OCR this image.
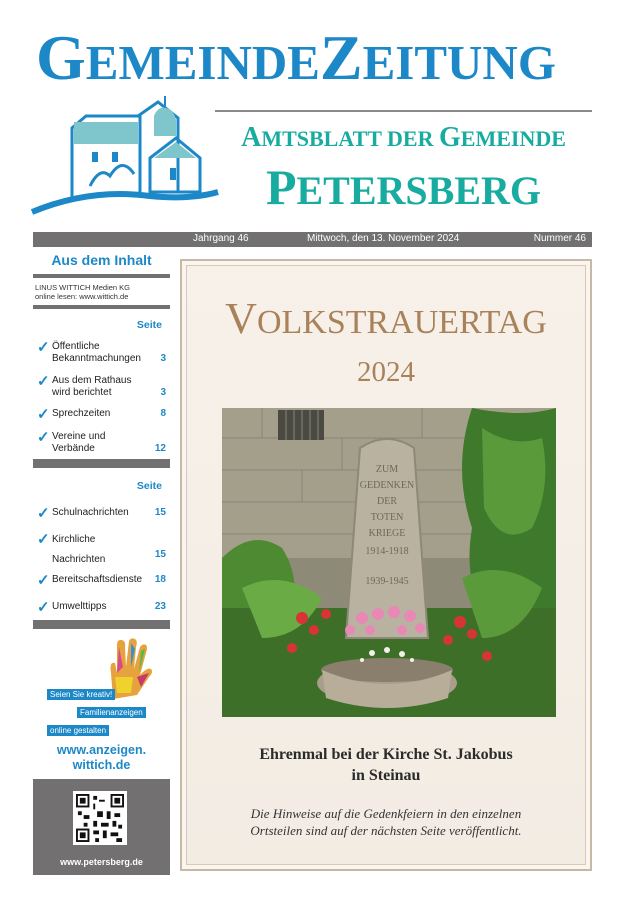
GEMEINDEZEITUNG
AMTSBLATT DER GEMEINDE
PETERSBERG
Jahrgang 46	Mittwoch, den 13. November 2024	Nummer 46
Aus dem Inhalt
LINUS WITTICH Medien KG
online lesen: www.wittich.de
Seite
✓ Öffentliche Bekanntmachungen	3
✓ Aus dem Rathaus wird berichtet	3
✓ Sprechzeiten	8
✓ Vereine und Verbände	12
Seite
✓ Schulnachrichten	15
✓ Kirchliche Nachrichten	15
✓ Bereitschaftsdienste	18
✓ Umwelttipps	23
Seien Sie kreativ!
Familienanzeigen
online gestalten
www.anzeigen.
wittich.de
www.petersberg.de
VOLKSTRAUERTAG
2024
ZUM
GEDENKEN
DER
TOTEN
KRIEGE
1914-1918
1939-1945
Ehrenmal bei der Kirche St. Jakobus
in Steinau
Die Hinweise auf die Gedenkfeiern in den einzelnen
Ortsteilen sind auf der nächsten Seite veröffentlicht.
